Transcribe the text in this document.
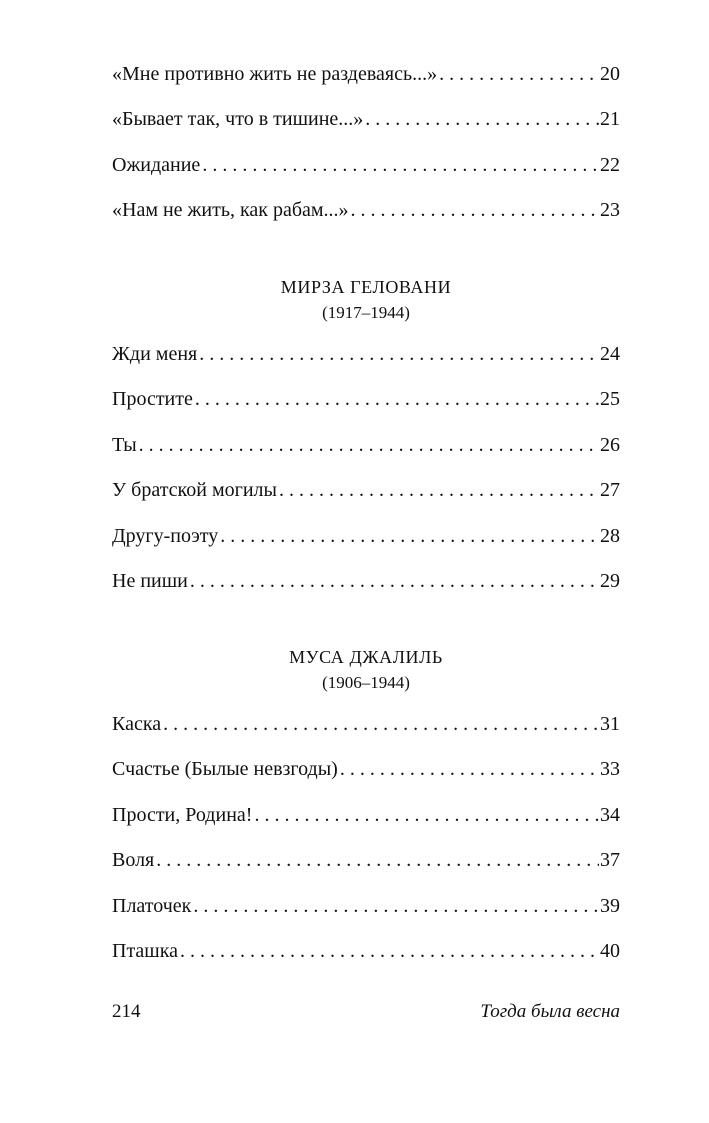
«Мне противно жить не раздеваясь...» . . .	20
«Бывает так, что в тишине...» . . .	21
Ожидание . . .	22
«Нам не жить, как рабам...» . . .	23
МИРЗА ГЕЛОВАНИ
(1917–1944)
Жди меня . . .	24
Простите . . .	25
Ты . . .	26
У братской могилы . . .	27
Другу-поэту . . .	28
Не пиши . . .	29
МУСА ДЖАЛИЛЬ
(1906–1944)
Каска . . .	31
Счастье (Былые невзгоды) . . .	33
Прости, Родина! . . .	34
Воля . . .	37
Платочек . . .	39
Пташка . . .	40
214	Тогда была весна
